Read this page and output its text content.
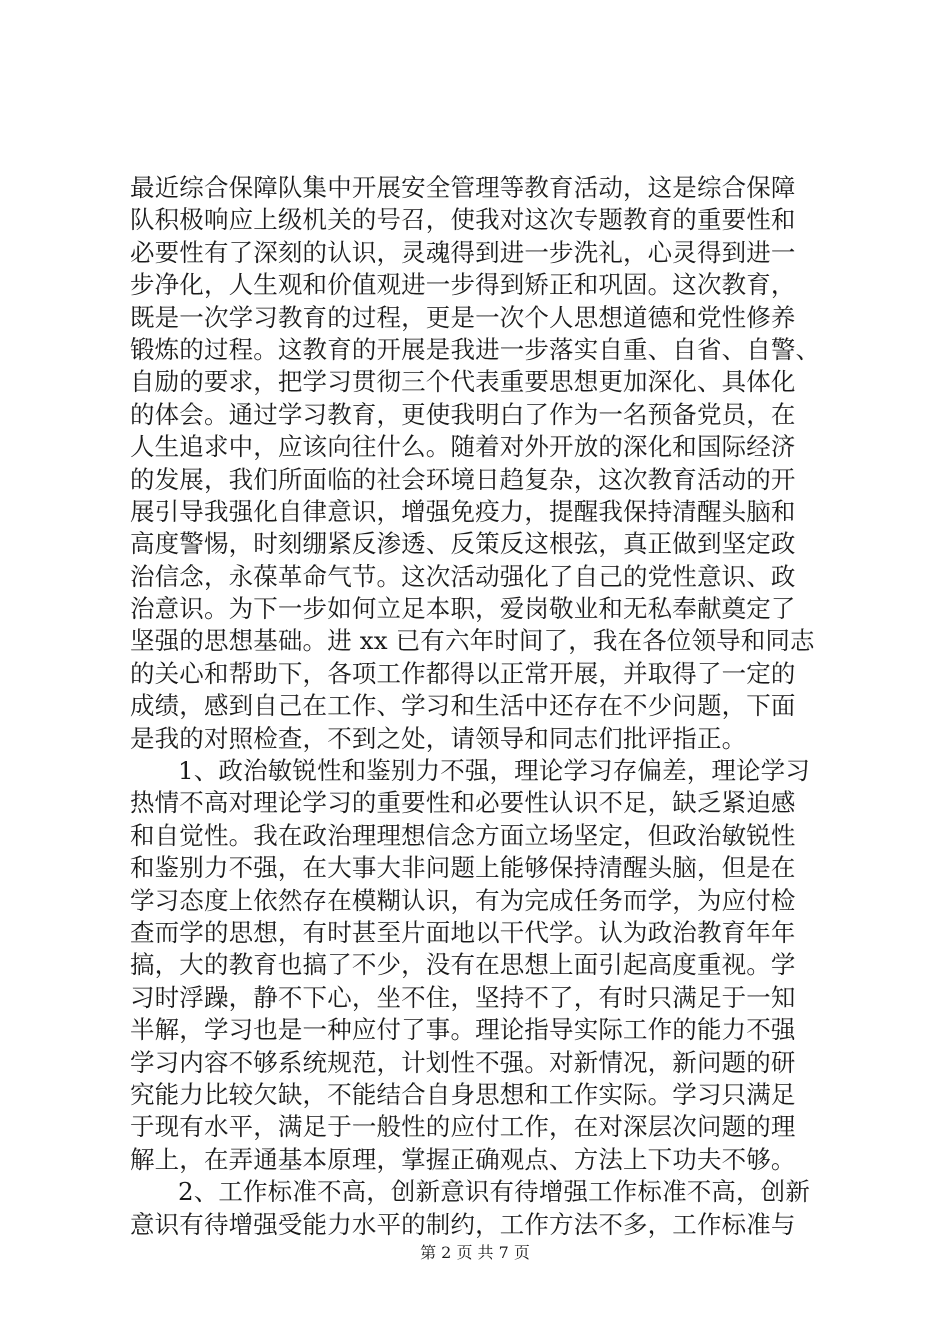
最近综合保障队集中开展安全管理等教育活动，这是综合保障
队积极响应上级机关的号召，使我对这次专题教育的重要性和
必要性有了深刻的认识，灵魂得到进一步洗礼，心灵得到进一
步净化，人生观和价值观进一步得到矫正和巩固。这次教育，
既是一次学习教育的过程，更是一次个人思想道德和党性修养
锻炼的过程。这教育的开展是我进一步落实自重、自省、自警、
自励的要求，把学习贯彻三个代表重要思想更加深化、具体化
的体会。通过学习教育，更使我明白了作为一名预备党员，在
人生追求中，应该向往什么。随着对外开放的深化和国际经济
的发展，我们所面临的社会环境日趋复杂，这次教育活动的开
展引导我强化自律意识，增强免疫力，提醒我保持清醒头脑和
高度警惕，时刻绷紧反渗透、反策反这根弦，真正做到坚定政
治信念，永葆革命气节。这次活动强化了自己的党性意识、政
治意识。为下一步如何立足本职，爱岗敬业和无私奉献奠定了
坚强的思想基础。进 xx 已有六年时间了，我在各位领导和同志
的关心和帮助下，各项工作都得以正常开展，并取得了一定的
成绩，感到自己在工作、学习和生活中还存在不少问题，下面
是我的对照检查，不到之处，请领导和同志们批评指正。
1、政治敏锐性和鉴别力不强，理论学习存偏差，理论学习
热情不高对理论学习的重要性和必要性认识不足，缺乏紧迫感
和自觉性。我在政治理理想信念方面立场坚定，但政治敏锐性
和鉴别力不强，在大事大非问题上能够保持清醒头脑，但是在
学习态度上依然存在模糊认识，有为完成任务而学，为应付检
查而学的思想，有时甚至片面地以干代学。认为政治教育年年
搞，大的教育也搞了不少，没有在思想上面引起高度重视。学
习时浮躁，静不下心，坐不住，坚持不了，有时只满足于一知
半解，学习也是一种应付了事。理论指导实际工作的能力不强
学习内容不够系统规范，计划性不强。对新情况，新问题的研
究能力比较欠缺，不能结合自身思想和工作实际。学习只满足
于现有水平，满足于一般性的应付工作，在对深层次问题的理
解上，在弄通基本原理，掌握正确观点、方法上下功夫不够。
2、工作标准不高，创新意识有待增强工作标准不高，创新
意识有待增强受能力水平的制约，工作方法不多，工作标准与
第 2 页 共 7 页
